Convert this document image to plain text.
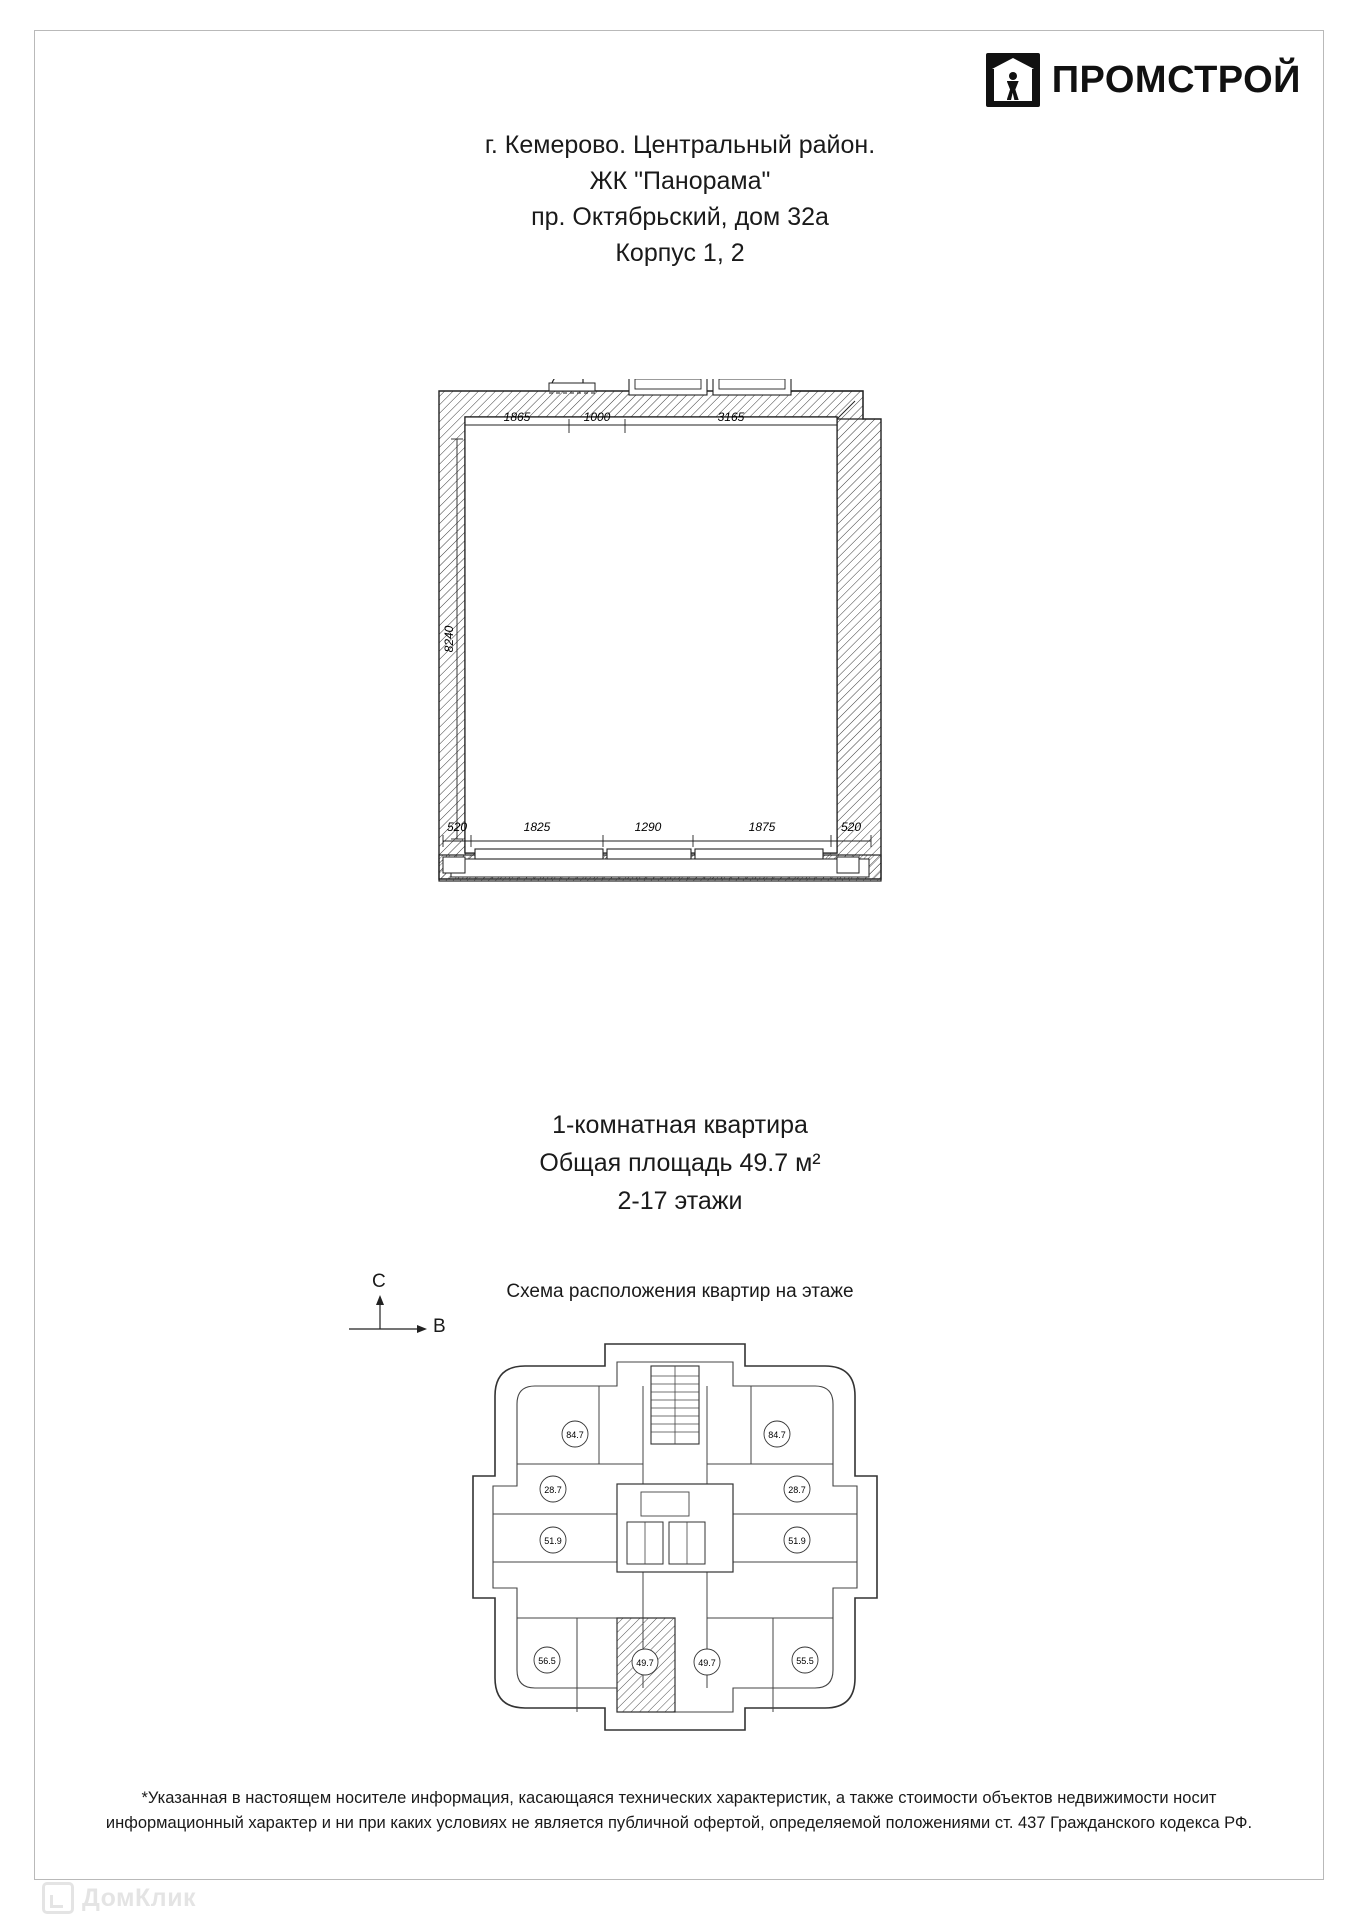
ПРОМСТРОЙ
г. Кемерово. Центральный район.
ЖК "Панорама"
пр. Октябрьский, дом 32а
Корпус 1, 2
1865	1000	3165
8240
520	1825	1290	1875	520
1-комнатная квартира
Общая площадь 49.7 м²
2-17 этажи
С
В
Схема расположения квартир на этаже
84.7	84.7
28.7	28.7
51.9	51.9
56.5	49.7	49.7	55.5
*Указанная в настоящем носителе информация, касающаяся технических характеристик, а также стоимости объектов недвижимости носит
информационный характер и ни при каких условиях не является публичной офертой, определяемой положениями ст. 437 Гражданского кодекса РФ.
ДомКлик
